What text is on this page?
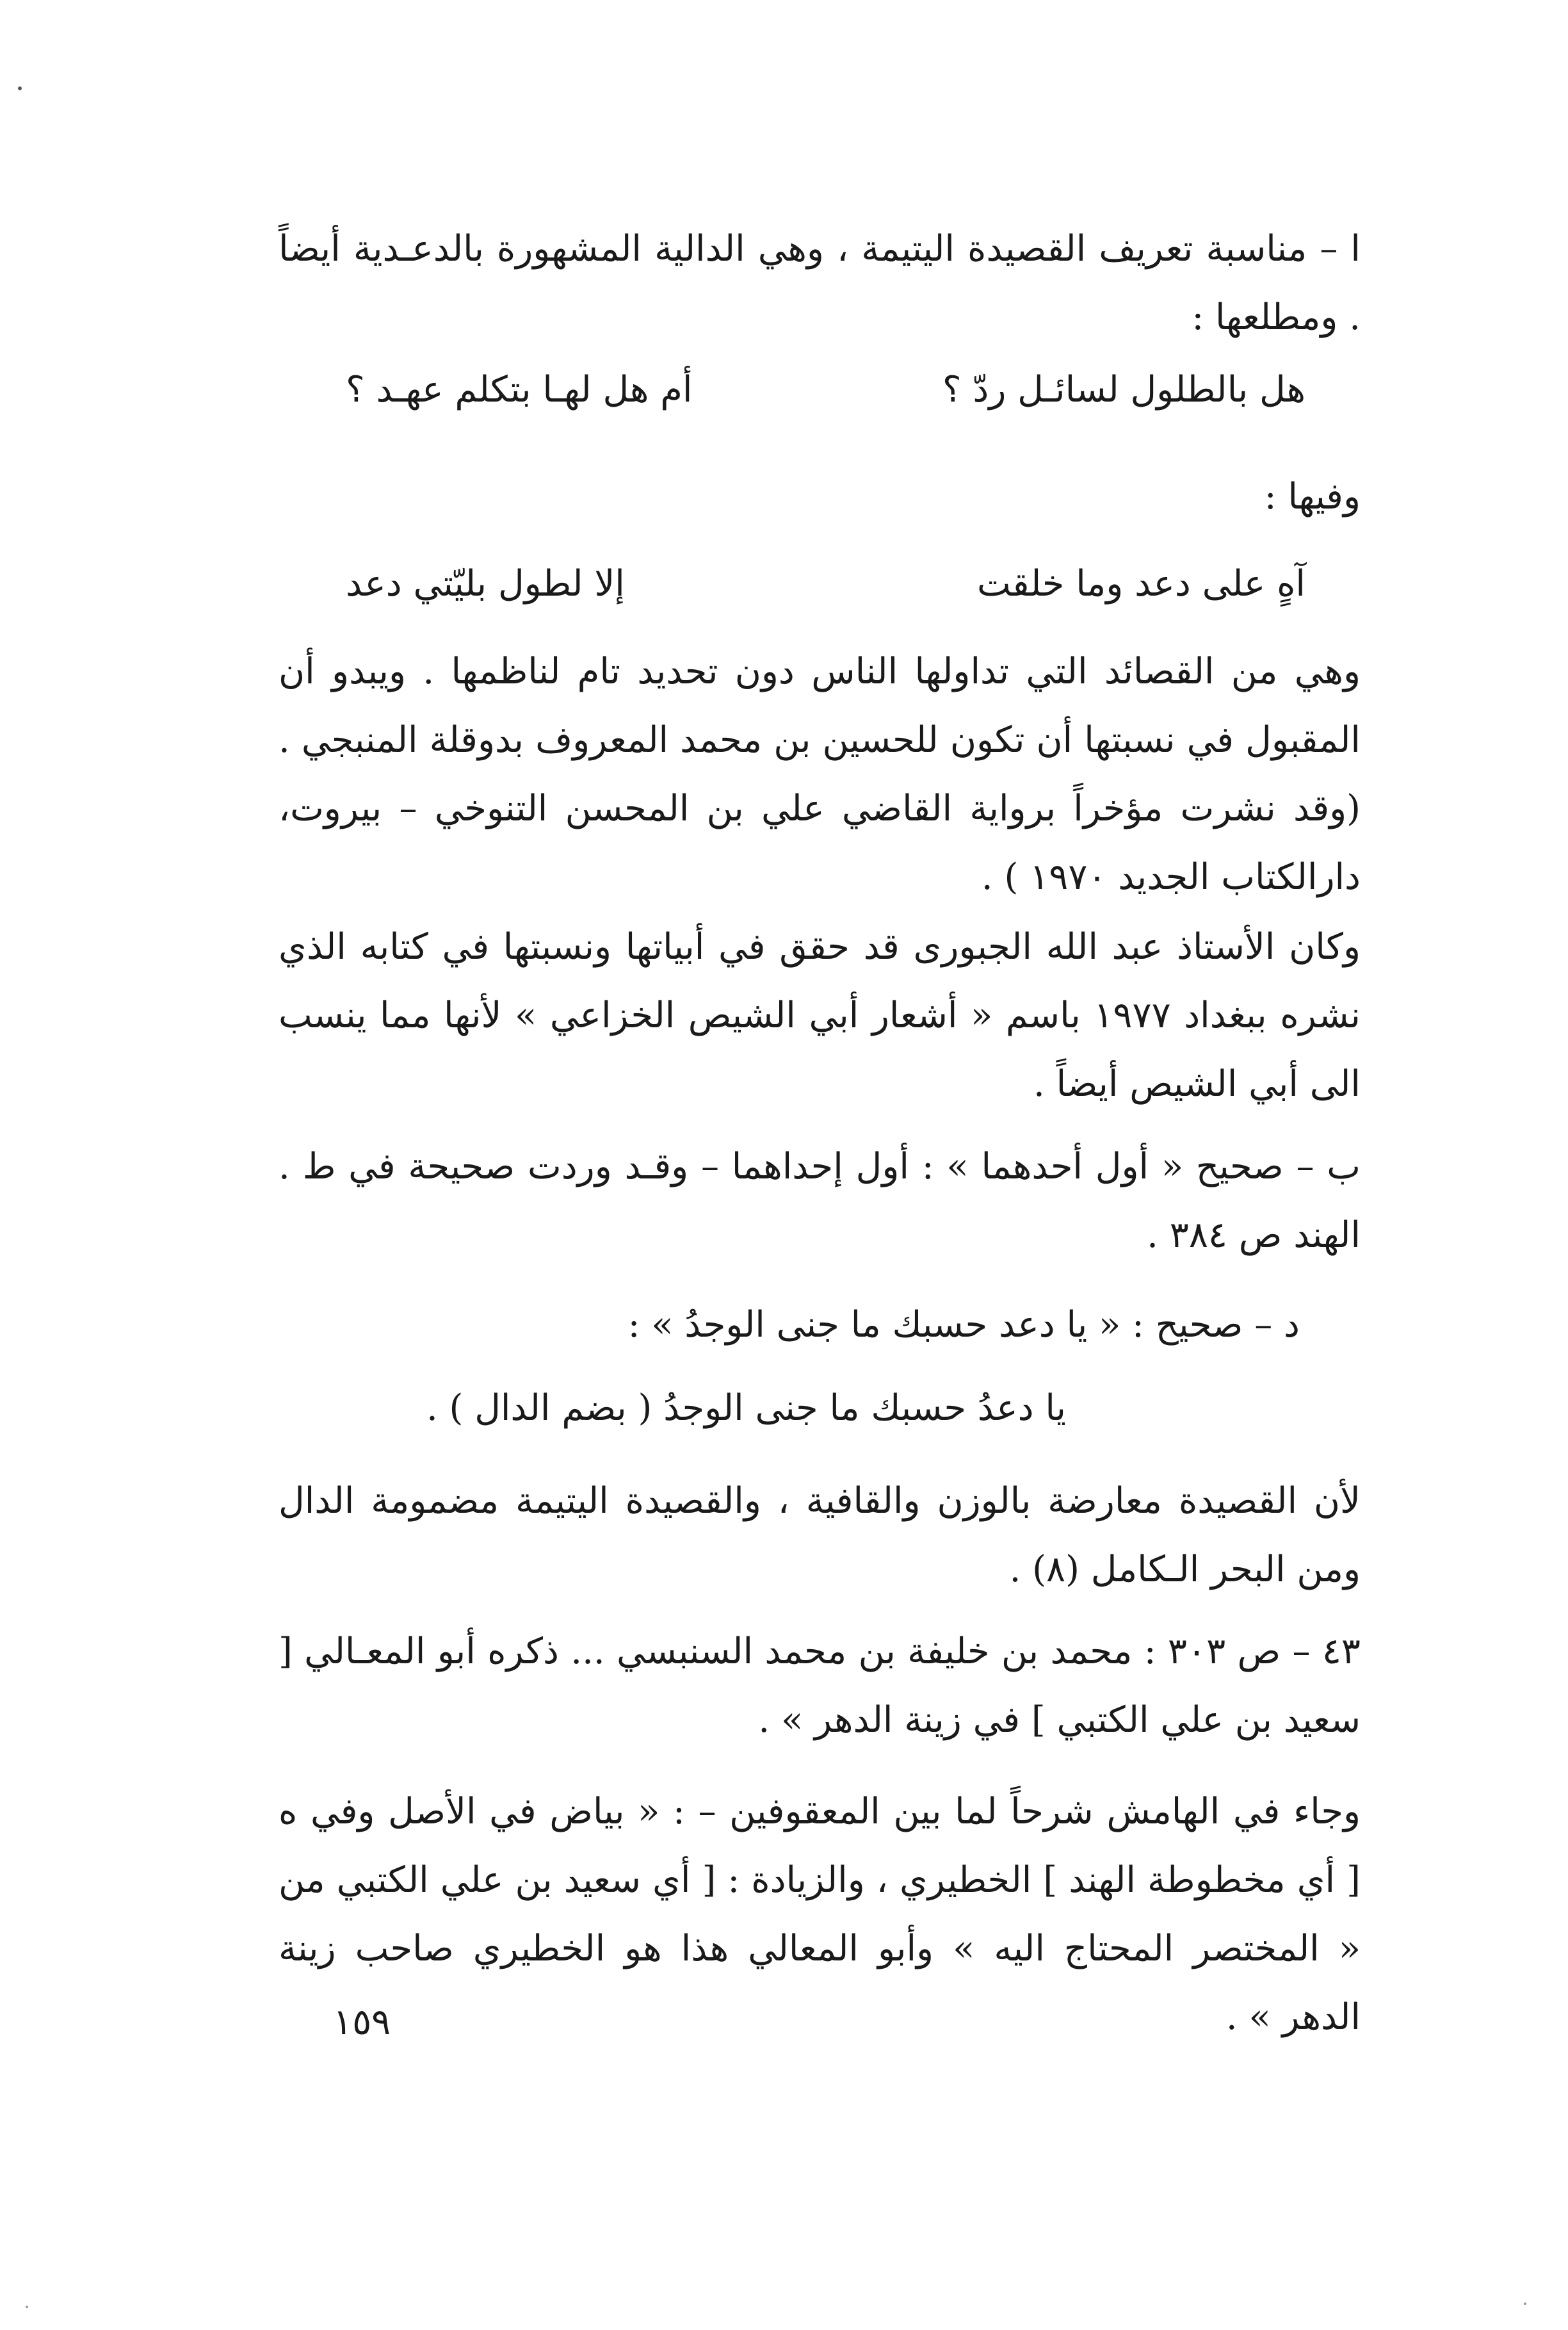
ا – مناسبة تعريف القصيدة اليتيمة ، وهي الدالية المشهورة بالدعـدية أيضاً . ومطلعها :

هل بالطلول لسائـل ردّ ؟
أم هل لهـا بتكلم عهـد ؟

وفيها :

آهٍ على دعد وما خلقت
إلا لطول بليّتي دعد

وهي من القصائد التي تداولها الناس دون تحديد تام لناظمها . ويبدو أن المقبول في نسبتها أن تكون للحسين بن محمد المعروف بدوقلة المنبجي . (وقد نشرت مؤخراً برواية القاضي علي بن المحسن التنوخي – بيروت، دارالكتاب الجديد ١٩٧٠ ) .

وكان الأستاذ عبد الله الجبورى قد حقق في أبياتها ونسبتها في كتابه الذي نشره ببغداد ١٩٧٧ باسم « أشعار أبي الشيص الخزاعي » لأنها مما ينسب الى أبي الشيص أيضاً .

ب – صحيح « أول أحدهما » : أول إحداهما – وقـد وردت صحيحة في ط . الهند ص ٣٨٤ .

د – صحيح : « يا دعد حسبك ما جنى الوجدُ » :

يا دعدُ حسبك ما جنى الوجدُ ( بضم الدال ) .

لأن القصيدة معارضة بالوزن والقافية ، والقصيدة اليتيمة مضمومة الدال ومن البحر الـكامل (٨) .

٤٣ – ص ٣٠٣ : محمد بن خليفة بن محمد السنبسي ... ذكره أبو المعـالي [ سعيد بن علي الكتبي ] في زينة الدهر » .

وجاء في الهامش شرحاً لما بين المعقوفين – : « بياض في الأصل وفي ه [ أي مخطوطة الهند ] الخطيري ، والزيادة : [ أي سعيد بن علي الكتبي من « المختصر المحتاج اليه » وأبو المعالي هذا هو الخطيري صاحب زينة الدهر » .

١٥٩
